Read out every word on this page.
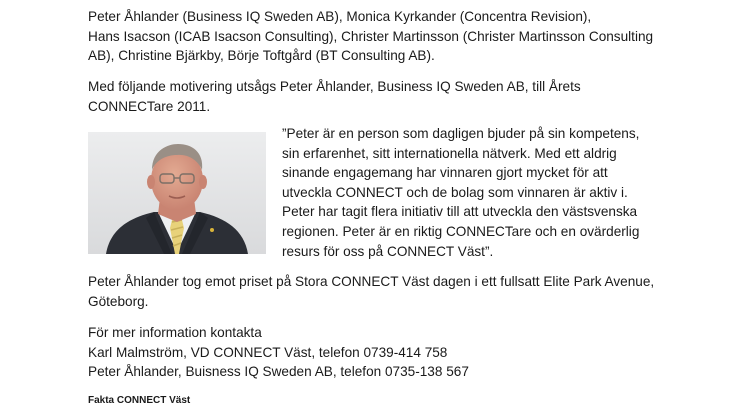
Peter Åhlander (Business IQ Sweden AB), Monica Kyrkander (Concentra Revision),
Hans Isacson (ICAB Isacson Consulting), Christer Martinsson (Christer Martinsson Consulting
AB), Christine Bjärkby, Börje Toftgård (BT Consulting AB).

Med följande motivering utsågs Peter Åhlander, Business IQ Sweden AB, till Årets
CONNECTare 2011.

”Peter är en person som dagligen bjuder på sin kompetens,
sin erfarenhet, sitt internationella nätverk. Med ett aldrig
sinande engagemang har vinnaren gjort mycket för att
utveckla CONNECT och de bolag som vinnaren är aktiv i.
Peter har tagit flera initiativ till att utveckla den västsvenska
regionen. Peter är en riktig CONNECTare och en ovärderlig
resurs för oss på CONNECT Väst”.

Peter Åhlander tog emot priset på Stora CONNECT Väst dagen i ett fullsatt Elite Park Avenue,
Göteborg.

För mer information kontakta
Karl Malmström, VD CONNECT Väst, telefon 0739-414 758
Peter Åhlander, Buisness IQ Sweden AB, telefon 0735-138 567

Fakta CONNECT Väst
